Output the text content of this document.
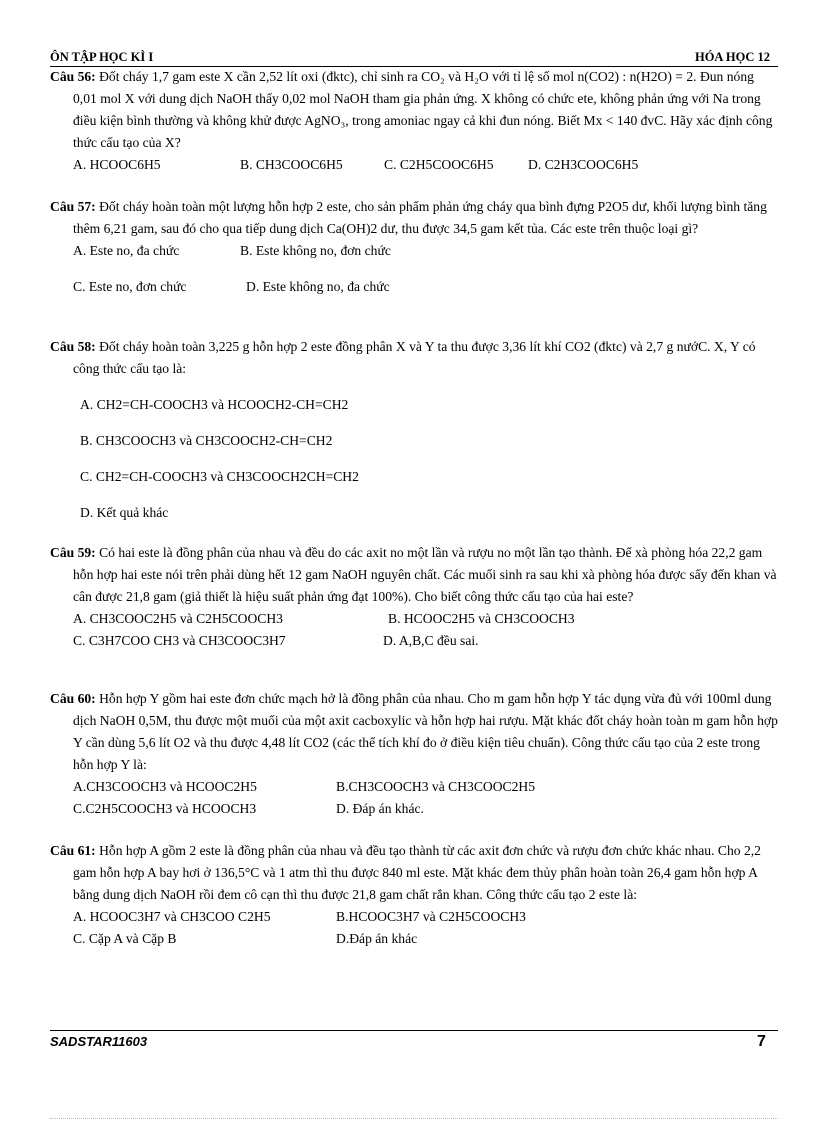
ÔN TẬP HỌC KÌ I	HÓA HỌC 12

Câu 56: Đốt cháy 1,7 gam este X cần 2,52 lít oxi (đktc), chỉ sinh ra CO₂ và H₂O với tỉ lệ số mol n(CO2) : n(H2O) = 2. Đun nóng 0,01 mol X với dung dịch NaOH thấy 0,02 mol NaOH tham gia phản ứng. X không có chức ete, không phản ứng với Na trong điều kiện bình thường và không khử được AgNO₃, trong amoniac ngay cả khi đun nóng. Biết Mx < 140 đvC. Hãy xác định công thức cấu tạo của X?

A. HCOOC6H5	B. CH3COOC6H5	C. C2H5COOC6H5	D. C2H3COOC6H5

Câu 57: Đốt cháy hoàn toàn một lượng hỗn hợp 2 este, cho sản phẩm phản ứng cháy qua bình đựng P2O5 dư, khối lượng bình tăng thêm 6,21 gam, sau đó cho qua tiếp dung dịch Ca(OH)2 dư, thu được 34,5 gam kết tủa. Các este trên thuộc loại gì?

A. Este no, đa chức	B. Este không no, đơn chức
C. Este no, đơn chức	D. Este không no, đa chức

Câu 58: Đốt cháy hoàn toàn 3,225 g hỗn hợp 2 este đồng phân X và Y ta thu được 3,36 lít khí CO2 (đktc) và 2,7 g nướC. X, Y có công thức cấu tạo là:

A. CH2=CH-COOCH3 và HCOOCH2-CH=CH2
B. CH3COOCH3 và CH3COOCH2-CH=CH2
C. CH2=CH-COOCH3 và CH3COOCH2CH=CH2
D. Kết quả khác

Câu 59: Có hai este là đồng phân của nhau và đều do các axit no một lần và rượu no một lần tạo thành. Để xà phòng hóa 22,2 gam hỗn hợp hai este nói trên phải dùng hết 12 gam NaOH nguyên chất. Các muối sinh ra sau khi xà phòng hóa được sấy đến khan và cân được 21,8 gam (giả thiết là hiệu suất phản ứng đạt 100%). Cho biết công thức cấu tạo của hai este?

A. CH3COOC2H5 và C2H5COOCH3	B. HCOOC2H5 và CH3COOCH3
C. C3H7COO CH3 và CH3COOC3H7	D. A,B,C đều sai.

Câu 60: Hỗn hợp Y gồm hai este đơn chức mạch hở là đồng phân của nhau. Cho m gam hỗn hợp Y tác dụng vừa đủ với 100ml dung dịch NaOH 0,5M, thu được một muối của một axit cacboxylic và hỗn hợp hai rượu. Mặt khác đốt cháy hoàn toàn m gam hỗn hợp Y cần dùng 5,6 lít O2 và thu được 4,48 lít CO2 (các thể tích khí đo ở điều kiện tiêu chuẩn). Công thức cấu tạo của 2 este trong hỗn hợp Y là:

A.CH3COOCH3 và HCOOC2H5	B.CH3COOCH3 và CH3COOC2H5
C.C2H5COOCH3 và HCOOCH3	D. Đáp án khác.

Câu 61: Hỗn hợp A gồm 2 este là đồng phân của nhau và đều tạo thành từ các axit đơn chức và rượu đơn chức khác nhau. Cho 2,2 gam hỗn hợp A bay hơi ở 136,5°C và 1 atm thì thu được 840 ml este. Mặt khác đem thủy phân hoàn toàn 26,4 gam hỗn hợp A bằng dung dịch NaOH rồi đem cô cạn thì thu được 21,8 gam chất rắn khan. Công thức cấu tạo 2 este là:

A. HCOOC3H7 và CH3COO C2H5	B.HCOOC3H7 và C2H5COOCH3
C. Cặp A và Cặp B	D.Đáp án khác
SADSTAR11603	7
